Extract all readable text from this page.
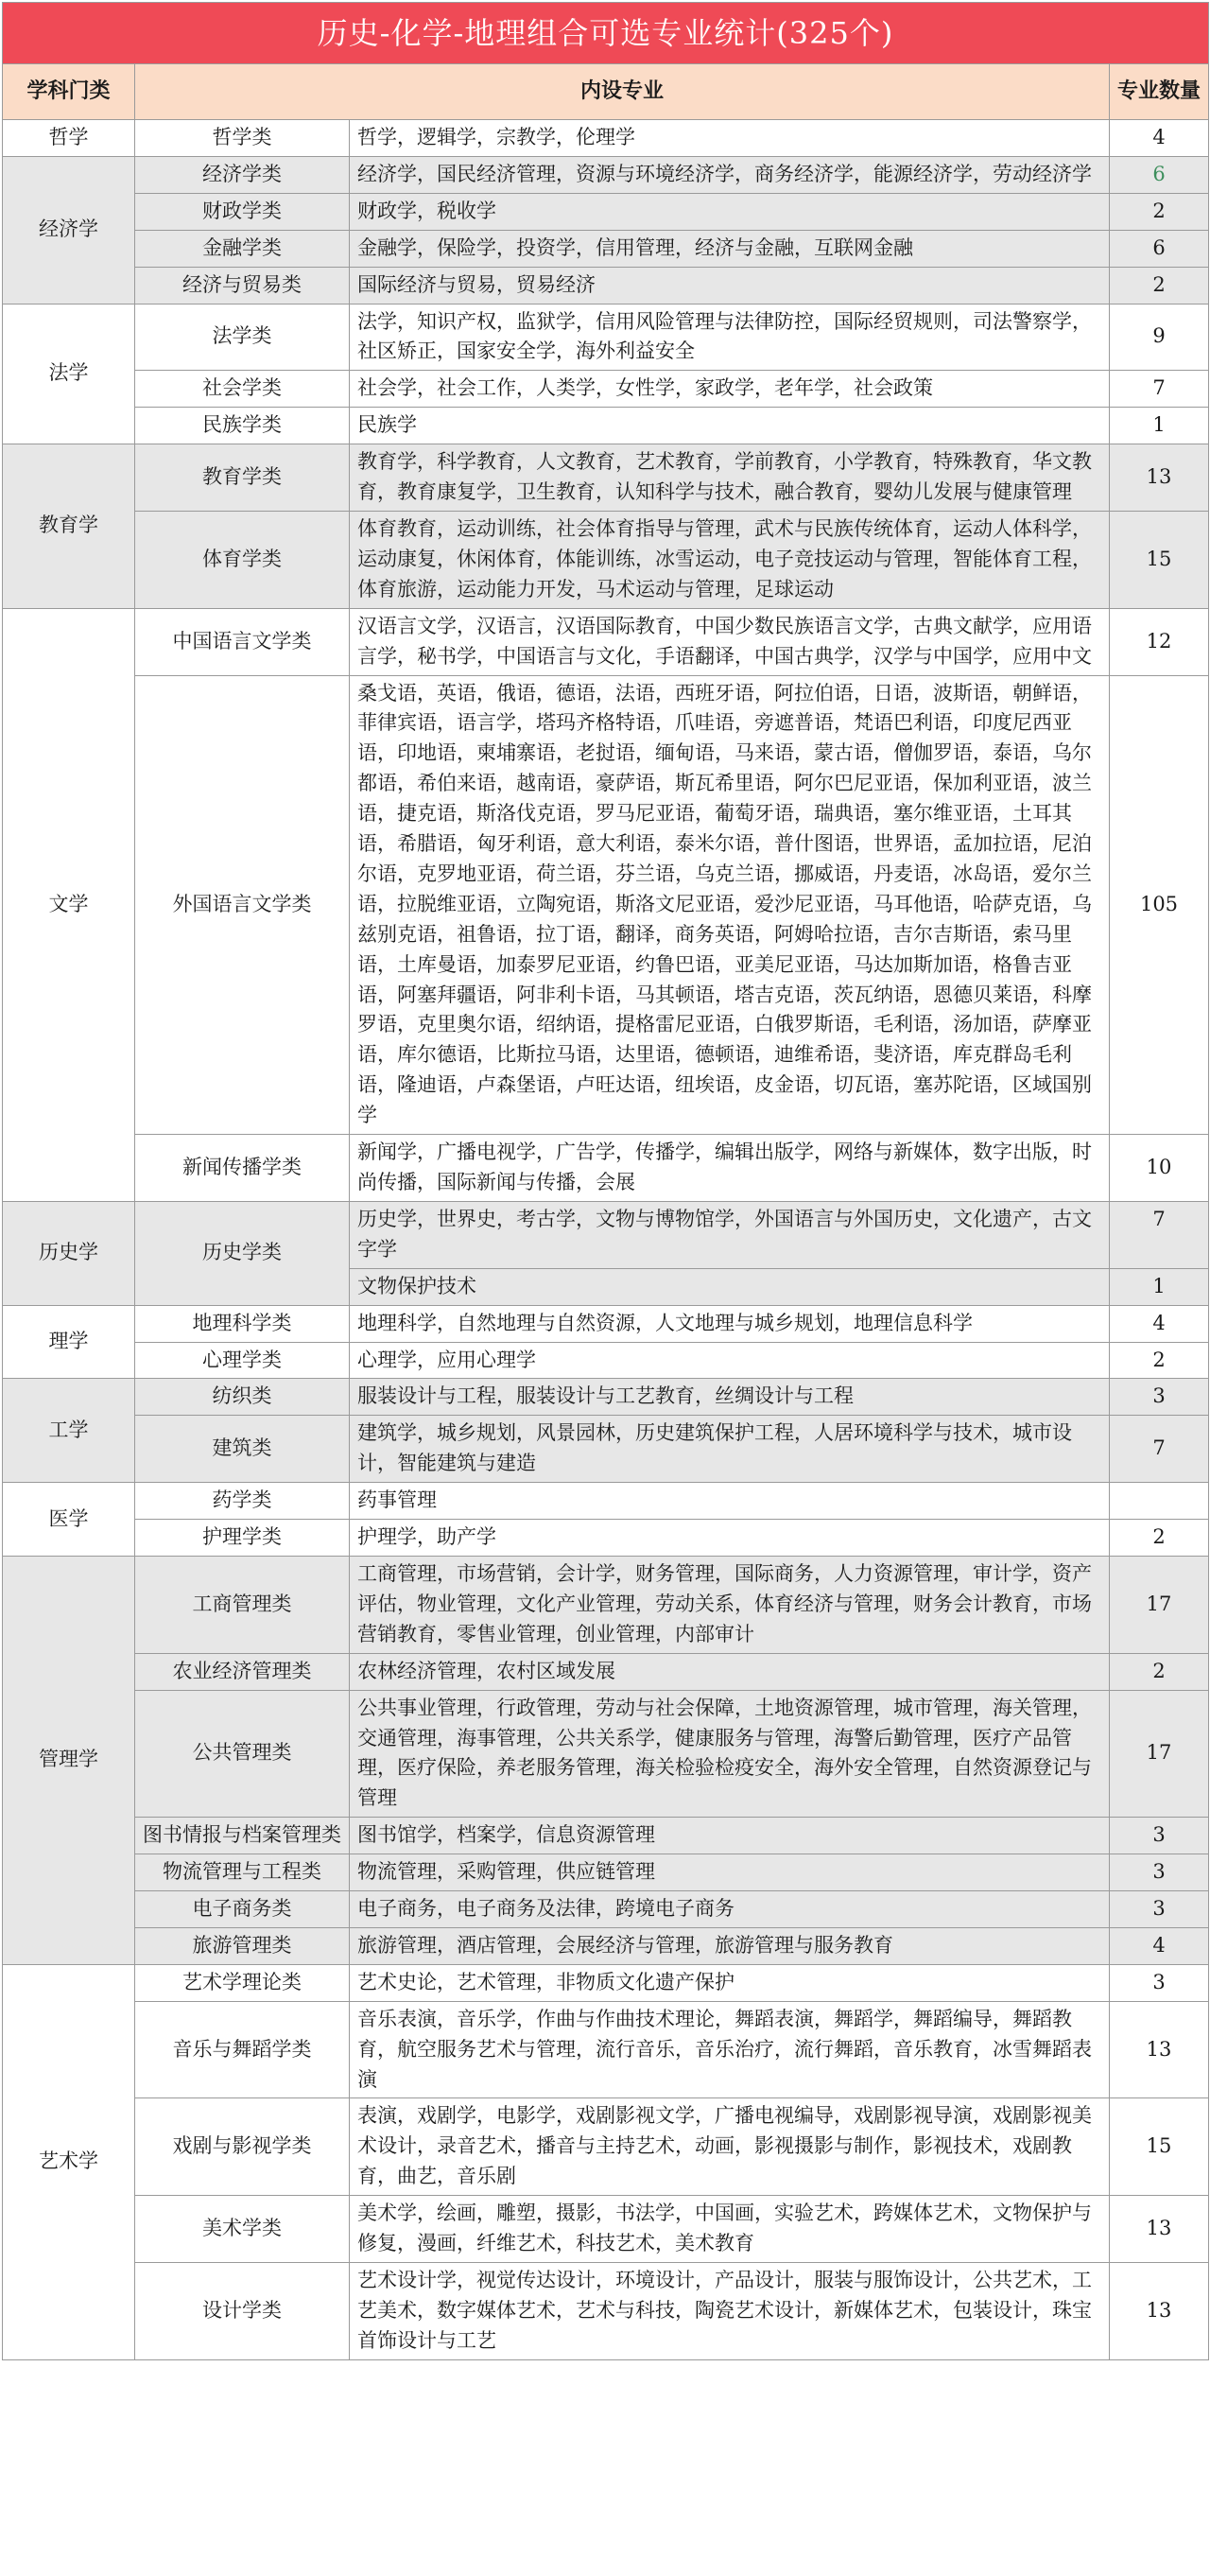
历史-化学-地理组合可选专业统计(325个)			
学科门类	内设专业		专业数量
哲学	哲学类	哲学，逻辑学，宗教学，伦理学	4
经济学	经济学类	经济学，国民经济管理，资源与环境经济学，商务经济学，能源经济学，劳动经济学	6
	财政学类	财政学，税收学	2
	金融学类	金融学，保险学，投资学，信用管理，经济与金融，互联网金融	6
	经济与贸易类	国际经济与贸易，贸易经济	2
法学	法学类	法学，知识产权，监狱学，信用风险管理与法律防控，国际经贸规则，司法警察学，社区矫正，国家安全学，海外利益安全	9
	社会学类	社会学，社会工作，人类学，女性学，家政学，老年学，社会政策	7
	民族学类	民族学	1
教育学	教育学类	教育学，科学教育，人文教育，艺术教育，学前教育，小学教育，特殊教育，华文教育，教育康复学，卫生教育，认知科学与技术，融合教育，婴幼儿发展与健康管理	13
	体育学类	体育教育，运动训练，社会体育指导与管理，武术与民族传统体育，运动人体科学，运动康复，休闲体育，体能训练，冰雪运动，电子竞技运动与管理，智能体育工程，体育旅游，运动能力开发，马术运动与管理，足球运动	15
文学	中国语言文学类	汉语言文学，汉语言，汉语国际教育，中国少数民族语言文学，古典文献学，应用语言学，秘书学，中国语言与文化，手语翻译，中国古典学，汉学与中国学，应用中文	12
	外国语言文学类	桑戈语，英语，俄语，德语，法语，西班牙语，阿拉伯语，日语，波斯语，朝鲜语，菲律宾语，语言学，塔玛齐格特语，爪哇语，旁遮普语，梵语巴利语，印度尼西亚语，印地语，柬埔寨语，老挝语，缅甸语，马来语，蒙古语，僧伽罗语，泰语，乌尔都语，希伯来语，越南语，豪萨语，斯瓦希里语，阿尔巴尼亚语，保加利亚语，波兰语，捷克语，斯洛伐克语，罗马尼亚语，葡萄牙语，瑞典语，塞尔维亚语，土耳其语，希腊语，匈牙利语，意大利语，泰米尔语，普什图语，世界语，孟加拉语，尼泊尔语，克罗地亚语，荷兰语，芬兰语，乌克兰语，挪威语，丹麦语，冰岛语，爱尔兰语，拉脱维亚语，立陶宛语，斯洛文尼亚语，爱沙尼亚语，马耳他语，哈萨克语，乌兹别克语，祖鲁语，拉丁语，翻译，商务英语，阿姆哈拉语，吉尔吉斯语，索马里语，土库曼语，加泰罗尼亚语，约鲁巴语，亚美尼亚语，马达加斯加语，格鲁吉亚语，阿塞拜疆语，阿非利卡语，马其顿语，塔吉克语，茨瓦纳语，恩德贝莱语，科摩罗语，克里奥尔语，绍纳语，提格雷尼亚语，白俄罗斯语，毛利语，汤加语，萨摩亚语，库尔德语，比斯拉马语，达里语，德顿语，迪维希语，斐济语，库克群岛毛利语，隆迪语，卢森堡语，卢旺达语，纽埃语，皮金语，切瓦语，塞苏陀语，区域国别学	105
	新闻传播学类	新闻学，广播电视学，广告学，传播学，编辑出版学，网络与新媒体，数字出版，时尚传播，国际新闻与传播，会展	10
历史学	历史学类	历史学，世界史，考古学，文物与博物馆学，外国语言与外国历史，文化遗产，古文字学	7
		文物保护技术	1
理学	地理科学类	地理科学，自然地理与自然资源，人文地理与城乡规划，地理信息科学	4
	心理学类	心理学，应用心理学	2
工学	纺织类	服装设计与工程，服装设计与工艺教育，丝绸设计与工程	3
	建筑类	建筑学，城乡规划，风景园林，历史建筑保护工程，人居环境科学与技术，城市设计，智能建筑与建造	7
医学	药学类	药事管理	
	护理学类	护理学，助产学	2
管理学	工商管理类	工商管理，市场营销，会计学，财务管理，国际商务，人力资源管理，审计学，资产评估，物业管理，文化产业管理，劳动关系，体育经济与管理，财务会计教育，市场营销教育，零售业管理，创业管理，内部审计	17
	农业经济管理类	农林经济管理，农村区域发展	2
	公共管理类	公共事业管理，行政管理，劳动与社会保障，土地资源管理，城市管理，海关管理，交通管理，海事管理，公共关系学，健康服务与管理，海警后勤管理，医疗产品管理，医疗保险，养老服务管理，海关检验检疫安全，海外安全管理，自然资源登记与管理	17
	图书情报与档案管理类	图书馆学，档案学，信息资源管理	3
	物流管理与工程类	物流管理，采购管理，供应链管理	3
	电子商务类	电子商务，电子商务及法律，跨境电子商务	3
	旅游管理类	旅游管理，酒店管理，会展经济与管理，旅游管理与服务教育	4
艺术学	艺术学理论类	艺术史论，艺术管理，非物质文化遗产保护	3
	音乐与舞蹈学类	音乐表演，音乐学，作曲与作曲技术理论，舞蹈表演，舞蹈学，舞蹈编导，舞蹈教育，航空服务艺术与管理，流行音乐，音乐治疗，流行舞蹈，音乐教育，冰雪舞蹈表演	13
	戏剧与影视学类	表演，戏剧学，电影学，戏剧影视文学，广播电视编导，戏剧影视导演，戏剧影视美术设计，录音艺术，播音与主持艺术，动画，影视摄影与制作，影视技术，戏剧教育，曲艺，音乐剧	15
	美术学类	美术学，绘画，雕塑，摄影，书法学，中国画，实验艺术，跨媒体艺术，文物保护与修复，漫画，纤维艺术，科技艺术，美术教育	13
	设计学类	艺术设计学，视觉传达设计，环境设计，产品设计，服装与服饰设计，公共艺术，工艺美术，数字媒体艺术，艺术与科技，陶瓷艺术设计，新媒体艺术，包装设计，珠宝首饰设计与工艺	13
